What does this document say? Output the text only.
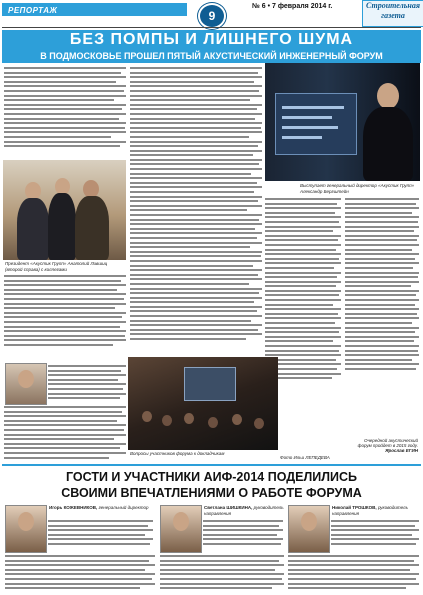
РЕПОРТАЖ	9
№ 6 • 7 февраля 2014 г.	Строительная
газета
БЕЗ ПОМПЫ И ЛИШНЕГО ШУМА
В ПОДМОСКОВЬЕ ПРОШЕЛ ПЯТЫЙ АКУСТИЧЕСКИЙ ИНЖЕНЕРНЫЙ ФОРУМ
Президент «Акустик Групп» Анатолий Лившиц (второй справа) с коллегами
Выступает генеральный директор «Акустик Групп» Александр Бергштейн
Вопросы участников форума к докладчикам
Очередной акустический
форум пройдет в 2015 году.
Ярослав ЕГИН
Фото Ильи ЛЕПЕДЕВА
ГОСТИ И УЧАСТНИКИ АИФ-2014 ПОДЕЛИЛИСЬ
СВОИМИ ВПЕЧАТЛЕНИЯМИ О РАБОТЕ ФОРУМА
Игорь КОЖЕВНИКОВ, генеральный директор	Светлана ШИШКИНА, руководитель направления
Николай ТРОШКОВ, руководитель направления
